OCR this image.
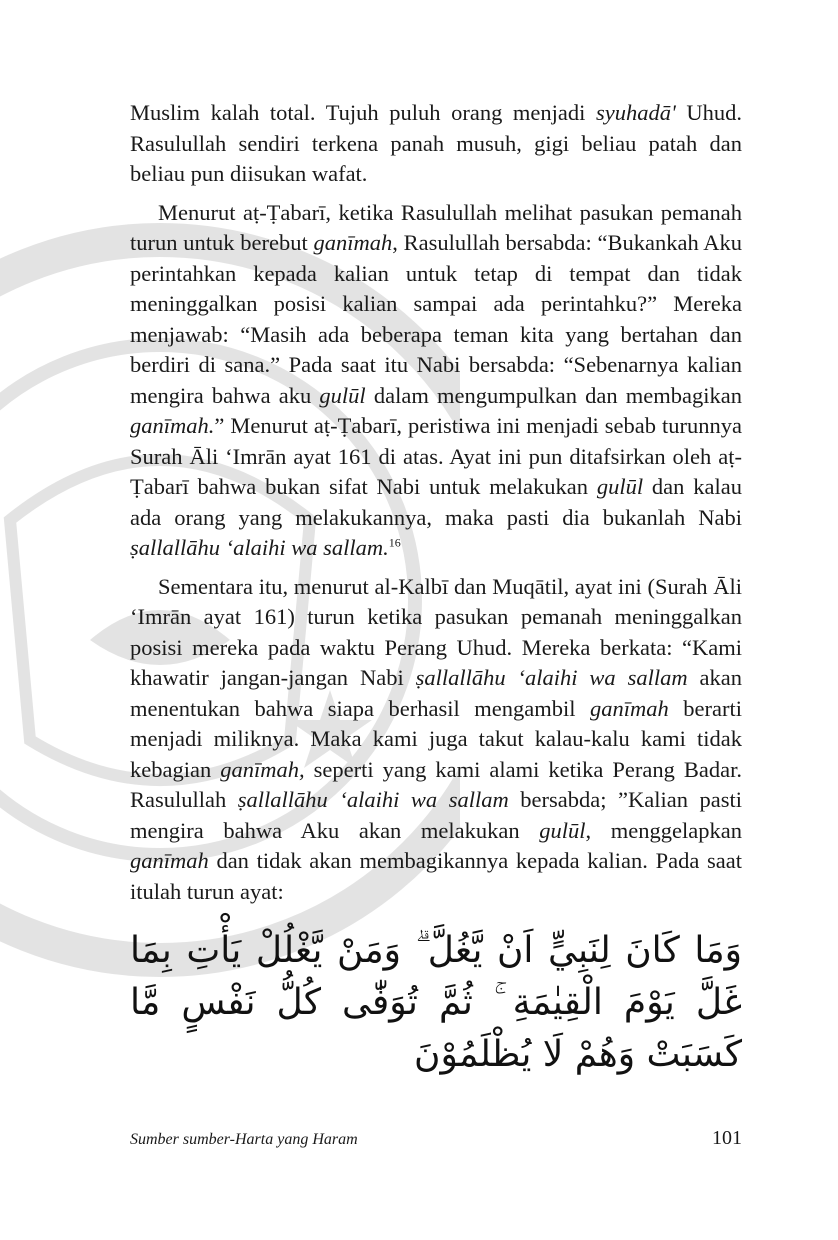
Muslim kalah total. Tujuh puluh orang menjadi syuhadā' Uhud. Rasulullah sendiri terkena panah musuh, gigi beliau patah dan beliau pun diisukan wafat.

Menurut aṭ-Ṭabarī, ketika Rasulullah melihat pasukan pemanah turun untuk berebut ganīmah, Rasulullah bersabda: “Bukankah Aku perintahkan kepada kalian untuk tetap di tempat dan tidak meninggalkan posisi kalian sampai ada perintahku?” Mereka menjawab: “Masih ada beberapa teman kita yang bertahan dan berdiri di sana.” Pada saat itu Nabi bersabda: “Sebenarnya kalian mengira bahwa aku gulūl dalam mengumpulkan dan membagikan ganīmah.” Menurut aṭ-Ṭabarī, peristiwa ini menjadi sebab turunnya Surah Āli ‘Imrān ayat 161 di atas. Ayat ini pun ditafsirkan oleh aṭ-Ṭabarī bahwa bukan sifat Nabi untuk melakukan gulūl dan kalau ada orang yang melakukannya, maka pasti dia bukanlah Nabi ṣallallāhu ‘alaihi wa sallam.$^{16}$

Sementara itu, menurut al-Kalbī dan Muqātil, ayat ini (Surah Āli ‘Imrān ayat 161) turun ketika pasukan pemanah meninggalkan posisi mereka pada waktu Perang Uhud. Mereka berkata: “Kami khawatir jangan-jangan Nabi ṣallallāhu ‘alaihi wa sallam akan menentukan bahwa siapa berhasil mengambil ganīmah berarti menjadi miliknya. Maka kami juga takut kalau-kalu kami tidak kebagian ganīmah, seperti yang kami alami ketika Perang Badar. Rasulullah ṣallallāhu ‘alaihi wa sallam bersabda; ”Kalian pasti mengira bahwa Aku akan melakukan gulūl, menggelapkan ganīmah dan tidak akan membagikannya kepada kalian. Pada saat itulah turun ayat:

وَمَا كَانَ لِنَبِيٍّ اَنْ يَّغُلَّ ۗ وَمَنْ يَّغْلُلْ يَأْتِ بِمَا غَلَّ يَوْمَ الْقِيٰمَةِ ۚ ثُمَّ تُوَفّٰى كُلُّ نَفْسٍ مَّا كَسَبَتْ وَهُمْ لَا يُظْلَمُوْنَ
Sumber sumber-Harta yang Haram	101
